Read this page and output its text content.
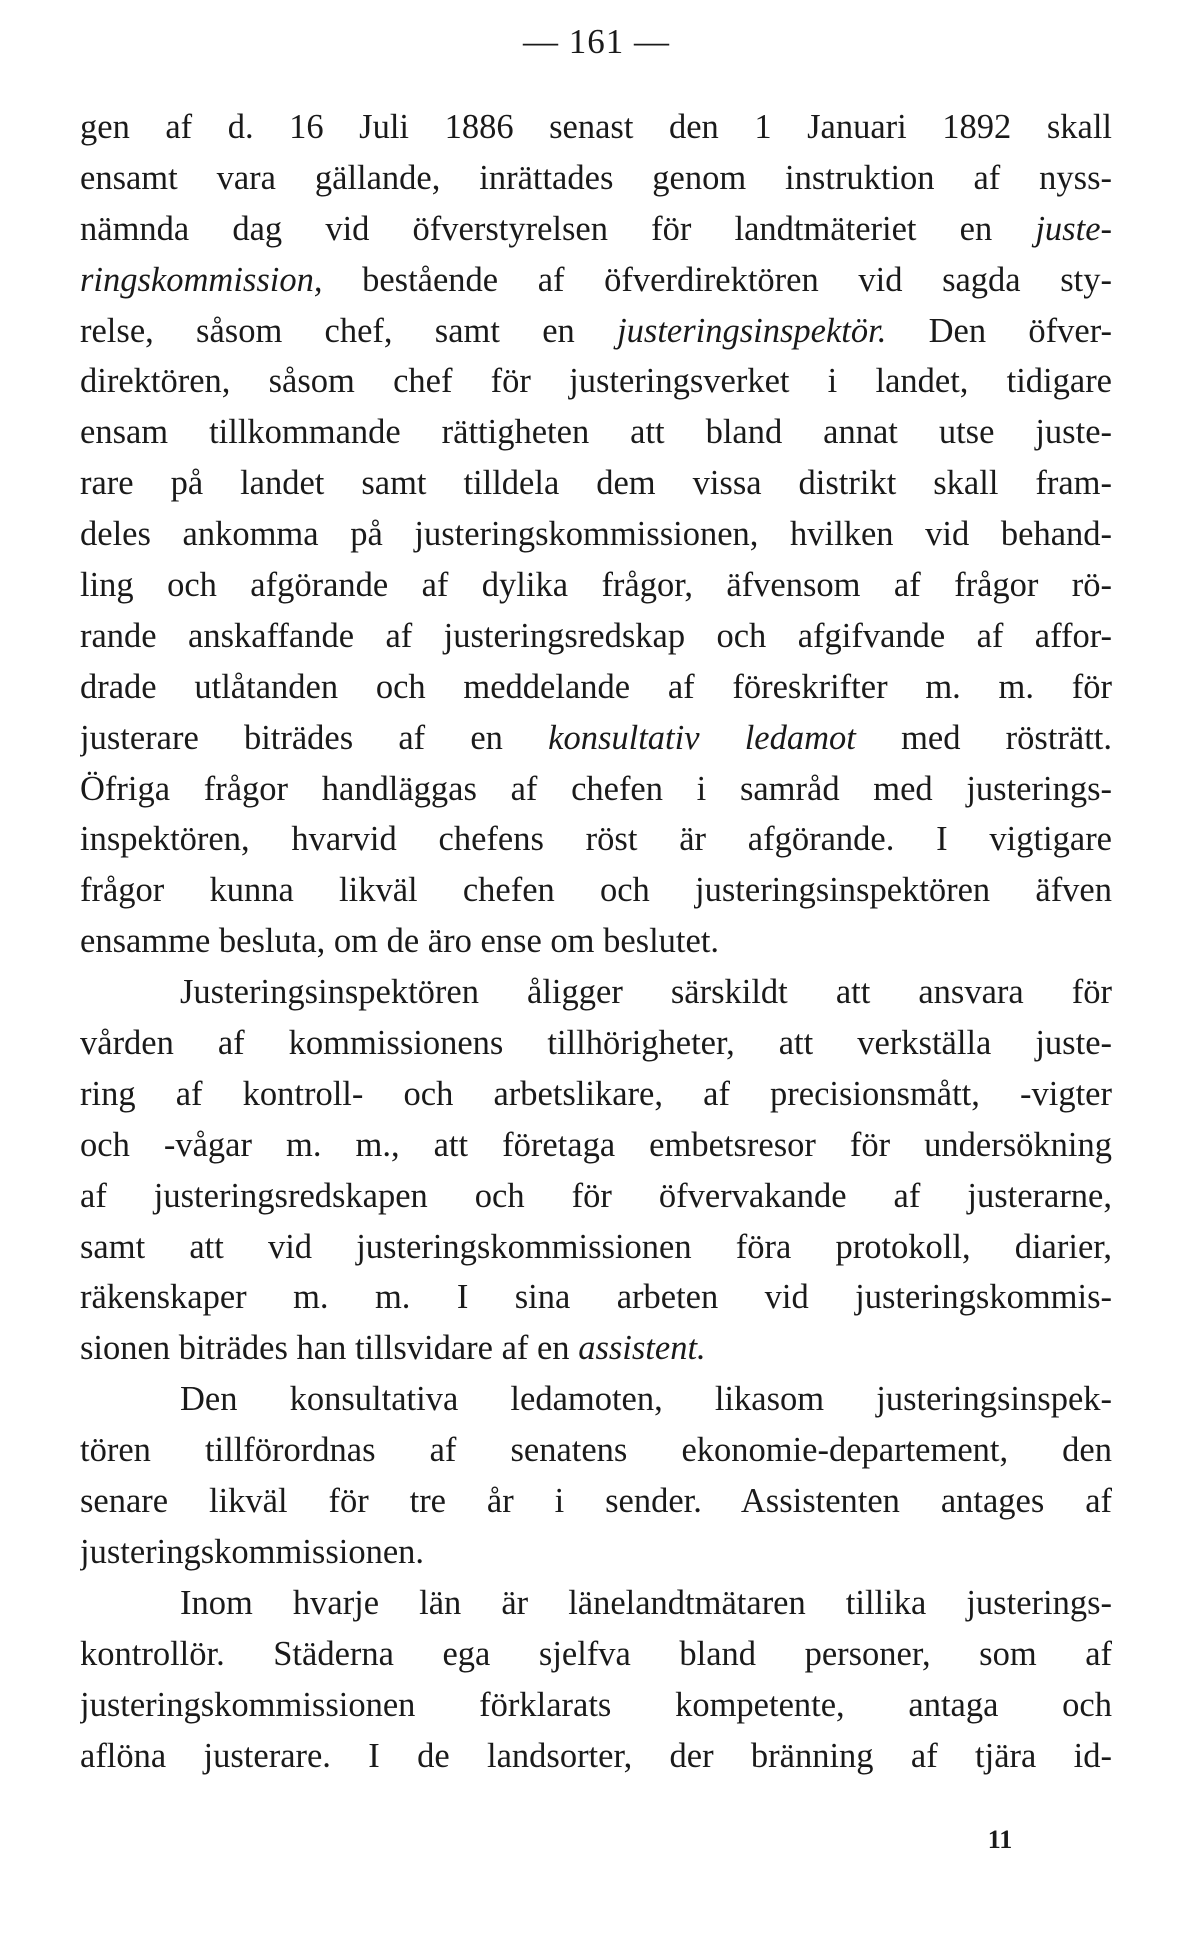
— 161 —
gen af d. 16 Juli 1886 senast den 1 Januari 1892 skall
ensamt vara gällande, inrättades genom instruktion af nyss-
nämnda dag vid öfverstyrelsen för landtmäteriet en juste-
ringskommission, bestående af öfverdirektören vid sagda sty-
relse, såsom chef, samt en justeringsinspektör. Den öfver-
direktören, såsom chef för justeringsverket i landet, tidigare
ensam tillkommande rättigheten att bland annat utse juste-
rare på landet samt tilldela dem vissa distrikt skall fram-
deles ankomma på justeringskommissionen, hvilken vid behand-
ling och afgörande af dylika frågor, äfvensom af frågor rö-
rande anskaffande af justeringsredskap och afgifvande af affor-
drade utlåtanden och meddelande af föreskrifter m. m. för
justerare biträdes af en konsultativ ledamot med rösträtt.
Öfriga frågor handläggas af chefen i samråd med justerings-
inspektören, hvarvid chefens röst är afgörande. I vigtigare
frågor kunna likväl chefen och justeringsinspektören äfven
ensamme besluta, om de äro ense om beslutet.
Justeringsinspektören åligger särskildt att ansvara för
vården af kommissionens tillhörigheter, att verkställa juste-
ring af kontroll- och arbetslikare, af precisionsmått, -vigter
och -vågar m. m., att företaga embetsresor för undersökning
af justeringsredskapen och för öfvervakande af justerarne,
samt att vid justeringskommissionen föra protokoll, diarier,
räkenskaper m. m. I sina arbeten vid justeringskommis-
sionen biträdes han tillsvidare af en assistent.
Den konsultativa ledamoten, likasom justeringsinspek-
tören tillförordnas af senatens ekonomie-departement, den
senare likväl för tre år i sender. Assistenten antages af
justeringskommissionen.
Inom hvarje län är länelandtmätaren tillika justerings-
kontrollör. Städerna ega sjelfva bland personer, som af
justeringskommissionen förklarats kompetente, antaga och
aflöna justerare. I de landsorter, der bränning af tjära id-
11
